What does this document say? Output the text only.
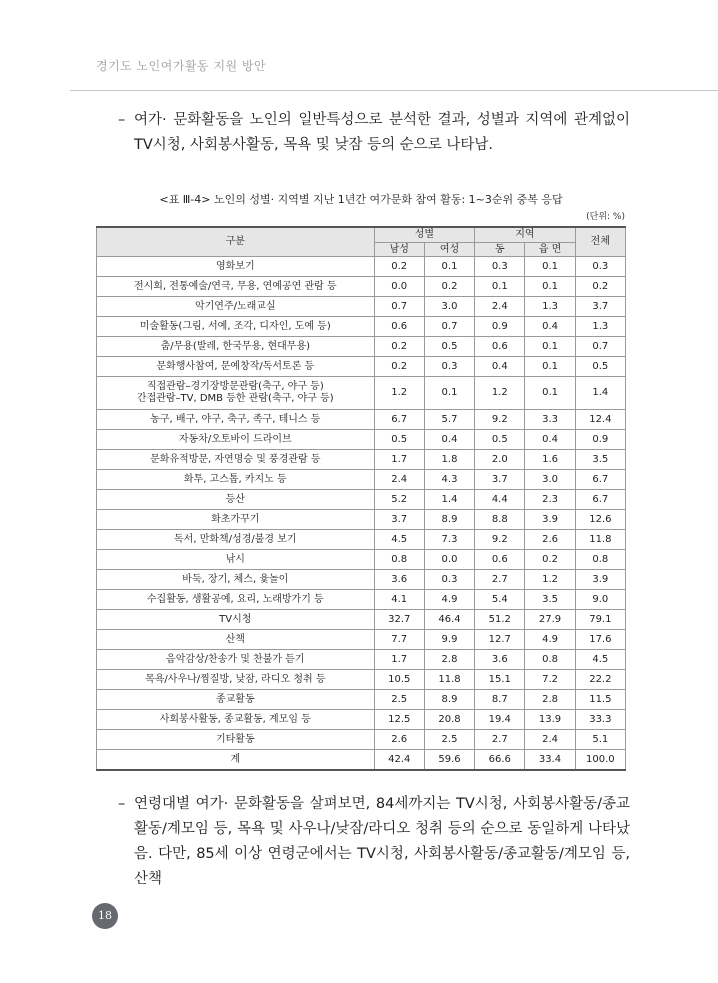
경기도 노인여가활동 지원 방안
– 여가· 문화활동을 노인의 일반특성으로 분석한 결과, 성별과 지역에 관계없이 TV시청, 사회봉사활동, 목욕 및 낮잠 등의 순으로 나타남.
<표 Ⅲ-4> 노인의 성별· 지역별 지난 1년간 여가문화 참여 활동: 1~3순위 중복 응답
(단위: %)
구분	성별		지역		전체
	남성	여성	동	읍 면	
영화보기	0.2	0.1	0.3	0.1	0.3
전시회, 전통예술/연극, 무용, 연예공연 관람 등	0.0	0.2	0.1	0.1	0.2
악기연주/노래교실	0.7	3.0	2.4	1.3	3.7
미술활동(그림, 서예, 조각, 디자인, 도예 등)	0.6	0.7	0.9	0.4	1.3
춤/무용(발레, 한국무용, 현대무용)	0.2	0.5	0.6	0.1	0.7
문화행사참여, 문예창작/독서토론 등	0.2	0.3	0.4	0.1	0.5
직접관람–경기장방문관람(축구, 야구 등)
간접관람–TV, DMB 등한 관람(축구, 야구 등)	1.2	0.1	1.2	0.1	1.4
농구, 배구, 야구, 축구, 족구, 테니스 등	6.7	5.7	9.2	3.3	12.4
자동차/오토바이 드라이브	0.5	0.4	0.5	0.4	0.9
문화유적방문, 자연명승 및 풍경관람 등	1.7	1.8	2.0	1.6	3.5
화투, 고스톱, 카지노 등	2.4	4.3	3.7	3.0	6.7
등산	5.2	1.4	4.4	2.3	6.7
화초가꾸기	3.7	8.9	8.8	3.9	12.6
독서, 만화책/성경/불경 보기	4.5	7.3	9.2	2.6	11.8
낚시	0.8	0.0	0.6	0.2	0.8
바둑, 장기, 체스, 윷놀이	3.6	0.3	2.7	1.2	3.9
수집활동, 생활공예, 요리, 노래방가기 등	4.1	4.9	5.4	3.5	9.0
TV시청	32.7	46.4	51.2	27.9	79.1
산책	7.7	9.9	12.7	4.9	17.6
음악감상/찬송가 및 찬불가 듣기	1.7	2.8	3.6	0.8	4.5
목욕/사우나/찜질방, 낮잠, 라디오 청취 등	10.5	11.8	15.1	7.2	22.2
종교활동	2.5	8.9	8.7	2.8	11.5
사회봉사활동, 종교활동, 계모임 등	12.5	20.8	19.4	13.9	33.3
기타활동	2.6	2.5	2.7	2.4	5.1
계	42.4	59.6	66.6	33.4	100.0
– 연령대별 여가· 문화활동을 살펴보면, 84세까지는 TV시청, 사회봉사활동/종교활동/계모임 등, 목욕 및 사우나/낮잠/라디오 청취 등의 순으로 동일하게 나타났음. 다만, 85세 이상 연령군에서는 TV시청, 사회봉사활동/종교활동/계모임 등, 산책
18
